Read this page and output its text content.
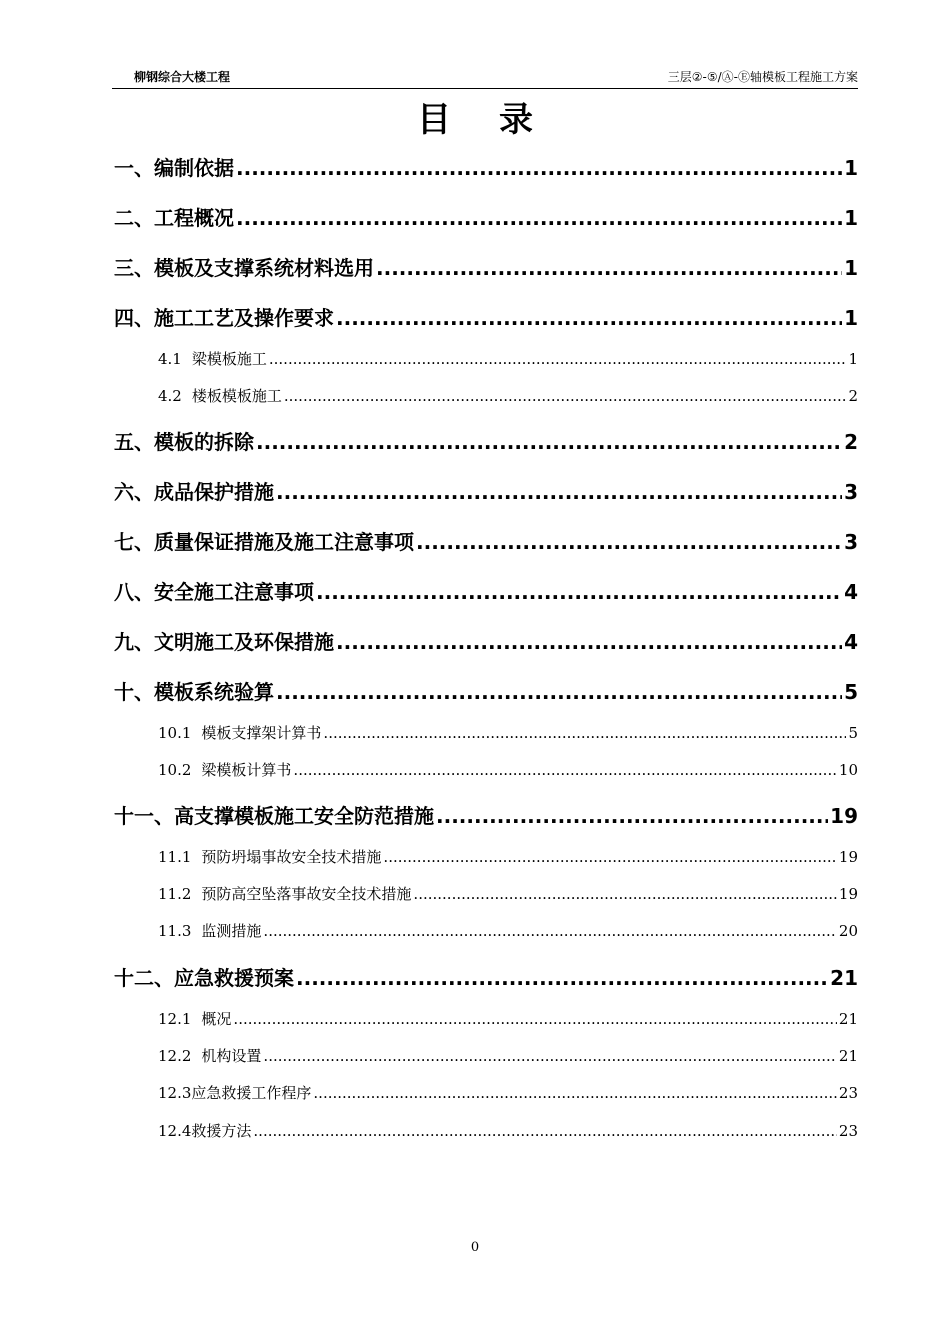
柳钢综合大楼工程	三层②-⑤/Ⓐ-Ⓔ轴模板工程施工方案
目录
一、编制依据 .....	1
二、工程概况 .....	1
三、模板及支撑系统材料选用 .....	1
四、施工工艺及操作要求 .....	1
4.1 梁模板施工 .....	1
4.2 楼板模板施工 .....	2
五、模板的拆除 .....	2
六、成品保护措施 .....	3
七、质量保证措施及施工注意事项 .....	3
八、安全施工注意事项 .....	4
九、文明施工及环保措施 .....	4
十、模板系统验算 .....	5
10.1 模板支撑架计算书 .....	5
10.2 梁模板计算书 .....	10
十一、高支撑模板施工安全防范措施 .....	19
11.1 预防坍塌事故安全技术措施 .....	19
11.2 预防高空坠落事故安全技术措施 .....	19
11.3 监测措施 .....	20
十二、应急救援预案 .....	21
12.1 概况 .....	21
12.2 机构设置 .....	21
12.3应急救援工作程序 .....	23
12.4救援方法 .....	23
0
